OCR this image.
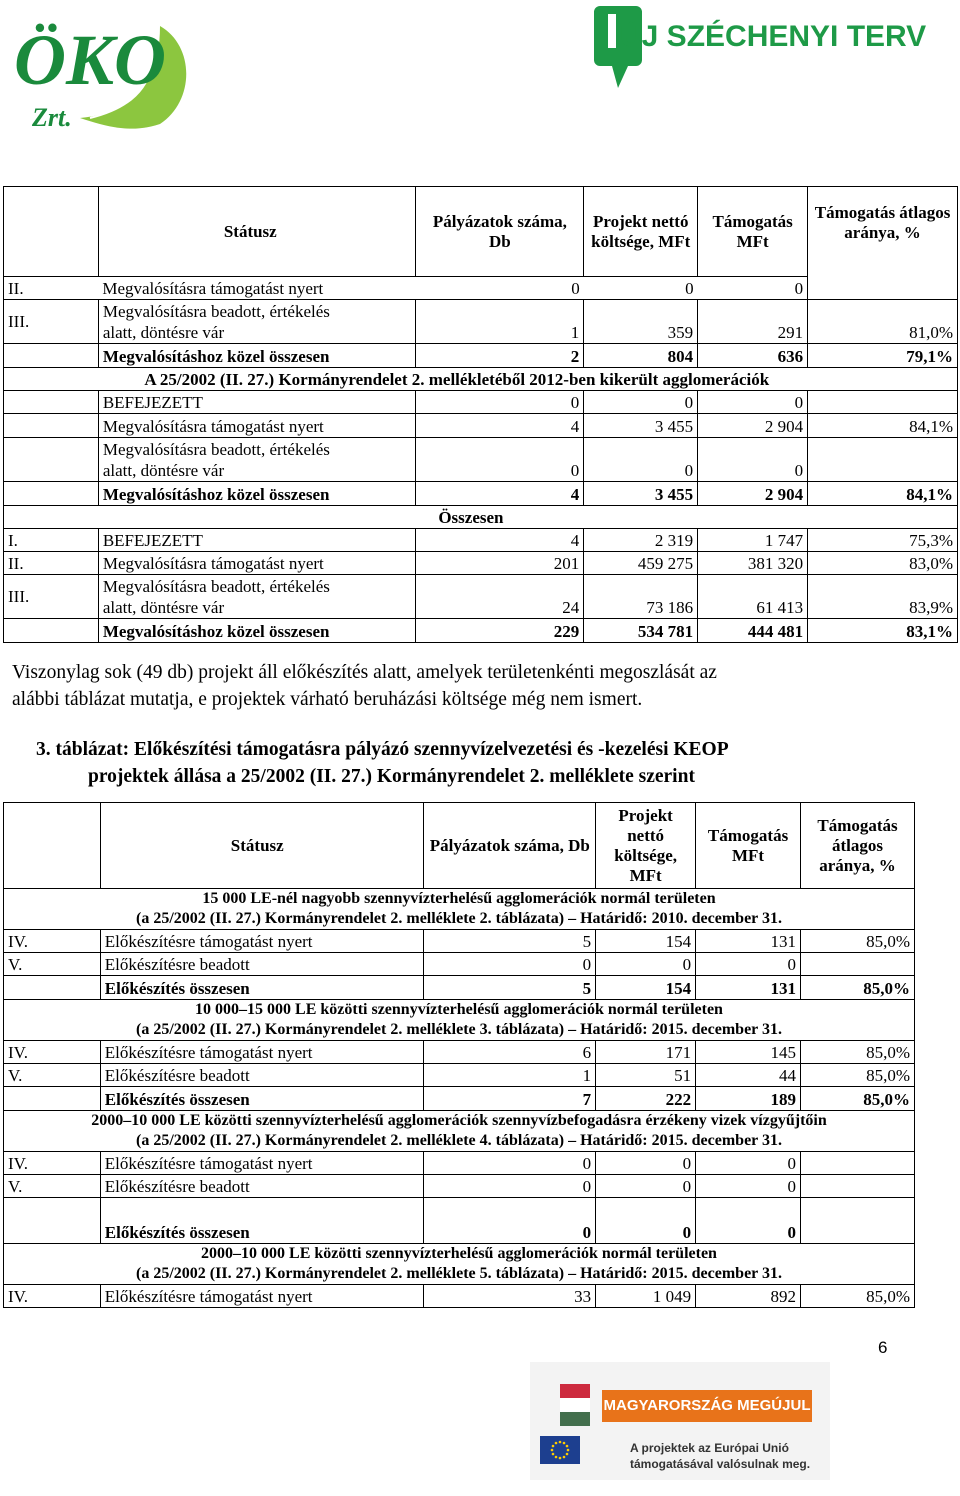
ÖKO
Zrt.
ÚJ SZÉCHENYI TERV
	Státusz	Pályázatok száma, Db	Projekt nettó költsége, MFt	Támogatás MFt	Támogatás átlagos aránya, %
II.	Megvalósításra támogatást nyert	0	0	0	
III.	Megvalósításra beadott, értékelés				
	alatt, döntésre vár	1	359	291	81,0%
	Megvalósításhoz közel összesen	2	804	636	79,1%
	A 25/2002 (II. 27.) Kormányrendelet 2. mellékletéből 2012-ben kikerült agglomerációk				
	BEFEJEZETT	0	0	0	
	Megvalósításra támogatást nyert	4	3 455	2 904	84,1%
	Megvalósításra beadott, értékelés				
	alatt, döntésre vár	0	0	0	
	Megvalósításhoz közel összesen	4	3 455	2 904	84,1%
	Összesen				
I.	BEFEJEZETT	4	2 319	1 747	75,3%
II.	Megvalósításra támogatást nyert	201	459 275	381 320	83,0%
III.	Megvalósításra beadott, értékelés				
	alatt, döntésre vár	24	73 186	61 413	83,9%
	Megvalósításhoz közel összesen	229	534 781	444 481	83,1%
Viszonylag sok (49 db) projekt áll előkészítés alatt, amelyek területenkénti megoszlását az
alábbi táblázat mutatja, e projektek várható beruházási költsége még nem ismert.
3. táblázat: Előkészítési támogatásra pályázó szennyvízelvezetési és -kezelési KEOP
projektek állása a 25/2002 (II. 27.) Kormányrendelet 2. melléklete szerint
	Státusz	Pályázatok száma, Db	Projekt nettó költsége, MFt	Támogatás MFt	Támogatás átlagos aránya, %

15 000 LE-nél nagyobb szennyvízterhelésű agglomerációk normál területen
(a 25/2002 (II. 27.) Kormányrendelet 2. melléklete 2. táblázata) – Határidő: 2010. december 31.					

IV.	Előkészítésre támogatást nyert	5	154	131	85,0%
V.	Előkészítésre beadott	0	0	0	
	Előkészítés összesen	5	154	131	85,0%

10 000–15 000 LE közötti szennyvízterhelésű agglomerációk normál területen
(a 25/2002 (II. 27.) Kormányrendelet 2. melléklete 3. táblázata) – Határidő: 2015. december 31.					

IV.	Előkészítésre támogatást nyert	6	171	145	85,0%
V.	Előkészítésre beadott	1	51	44	85,0%
	Előkészítés összesen	7	222	189	85,0%

2000–10 000 LE közötti szennyvízterhelésű agglomerációk szennyvízbefogadásra érzékeny vizek vízgyűjtőin
(a 25/2002 (II. 27.) Kormányrendelet 2. melléklete 4. táblázata) – Határidő: 2015. december 31.					

IV.	Előkészítésre támogatást nyert	0	0	0	
V.	Előkészítésre beadott	0	0	0	
	Előkészítés összesen	0	0	0	

2000–10 000 LE közötti szennyvízterhelésű agglomerációk normál területen
(a 25/2002 (II. 27.) Kormányrendelet 2. melléklete 5. táblázata) – Határidő: 2015. december 31.					

IV.	Előkészítésre támogatást nyert	33	1 049	892	85,0%
6
MAGYARORSZÁG MEGÚJUL
A projektek az Európai Unió
támogatásával valósulnak meg.
